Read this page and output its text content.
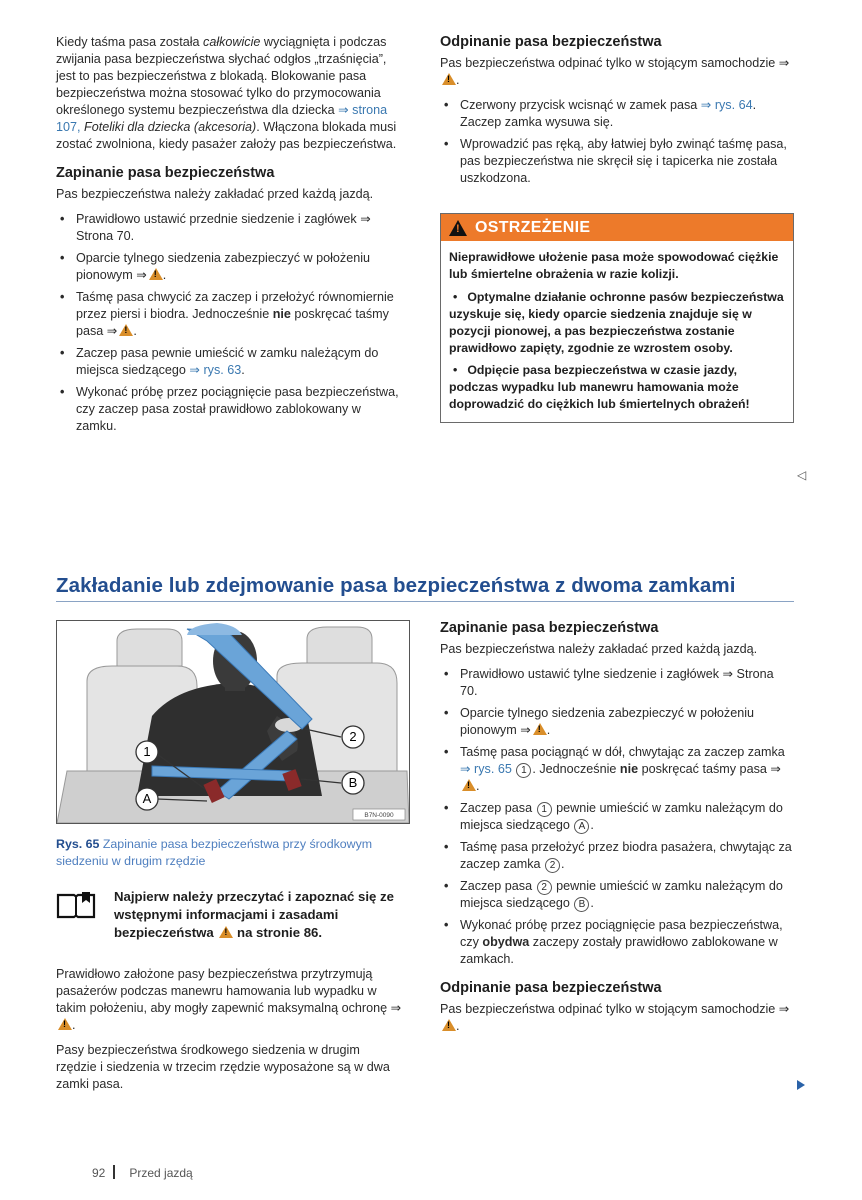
Kiedy taśma pasa została całkowicie wyciągnięta i podczas zwijania pasa bezpieczeństwa słychać odgłos „trzaśnięcia”, jest to pas bezpieczeństwa z blokadą. Blokowanie pasa bezpieczeństwa można stosować tylko do przymocowania określonego systemu bezpieczeństwa dla dziecka ⇒ strona 107, Foteliki dla dziecka (akcesoria). Włączona blokada musi zostać zwolniona, kiedy pasażer założy pas bezpieczeństwa.

Zapinanie pasa bezpieczeństwa

Pas bezpieczeństwa należy zakładać przed każdą jazdą.

• Prawidłowo ustawić przednie siedzenie i zagłówek ⇒ Strona 70.
• Oparcie tylnego siedzenia zabezpieczyć w położeniu pionowym ⇒ ! .
• Taśmę pasa chwycić za zaczep i przełożyć równomiernie przez piersi i biodra. Jednocześnie nie poskręcać taśmy pasa ⇒ ! .
• Zaczep pasa pewnie umieścić w zamku należącym do miejsca siedzącego ⇒ rys. 63.
• Wykonać próbę przez pociągnięcie pasa bezpieczeństwa, czy zaczep pasa został prawidłowo zablokowany w zamku.
Odpinanie pasa bezpieczeństwa

Pas bezpieczeństwa odpinać tylko w stojącym samochodzie ⇒!.

• Czerwony przycisk wcisnąć w zamek pasa ⇒ rys. 64. Zaczep zamka wysuwa się.
• Wprowadzić pas ręką, aby łatwiej było zwinąć taśmę pasa, pas bezpieczeństwa nie skręcił się i tapicerka nie została uszkodzona.
!
OSTRZEŻENIE

Nieprawidłowe ułożenie pasa może spowodować ciężkie lub śmiertelne obrażenia w razie kolizji.

• Optymalne działanie ochronne pasów bezpieczeństwa uzyskuje się, kiedy oparcie siedzenia znajduje się w pozycji pionowej, a pas bezpieczeństwa zostanie prawidłowo zapięty, zgodnie ze wzrostem osoby.
• Odpięcie pasa bezpieczeństwa w czasie jazdy, podczas wypadku lub manewru hamowania może doprowadzić do ciężkich lub śmiertelnych obrażeń!
◁
Zakładanie lub zdejmowanie pasa bezpieczeństwa z dwoma zamkami
1
2
A
B
B7N-0090
Rys. 65 Zapinanie pasa bezpieczeństwa przy środkowym siedzeniu w drugim rzędzie
Najpierw należy przeczytać i zapoznać się ze wstępnymi informacjami i zasadami bezpieczeństwa ! na stronie 86.

Prawidłowo założone pasy bezpieczeństwa przytrzymują pasażerów podczas manewru hamowania lub wypadku w takim położeniu, aby mogły zapewnić maksymalną ochronę ⇒!.

Pasy bezpieczeństwa środkowego siedzenia w drugim rzędzie i siedzenia w trzecim rzędzie wyposażone są w dwa zamki pasa.

Zapinanie pasa bezpieczeństwa

Pas bezpieczeństwa należy zakładać przed każdą jazdą.

• Prawidłowo ustawić tylne siedzenie i zagłówek ⇒ Strona 70.
• Oparcie tylnego siedzenia zabezpieczyć w położeniu pionowym ⇒ ! .
• Taśmę pasa pociągnąć w dół, chwytając za zaczep zamka ⇒ rys. 65 1 . Jednocześnie nie poskręcać taśmy pasa ⇒!.
• Zaczep pasa 1 pewnie umieścić w zamku należącym do miejsca siedzącego A .
• Taśmę pasa przełożyć przez biodra pasażera, chwytając za zaczep zamka 2 .
• Zaczep pasa 2 pewnie umieścić w zamku należącym do miejsca siedzącego B .
• Wykonać próbę przez pociągnięcie pasa bezpieczeństwa, czy obydwa zaczepy zostały prawidłowo zablokowane w zamkach.
Odpinanie pasa bezpieczeństwa

Pas bezpieczeństwa odpinać tylko w stojącym samochodzie ⇒!.

92 Przed jazdą
